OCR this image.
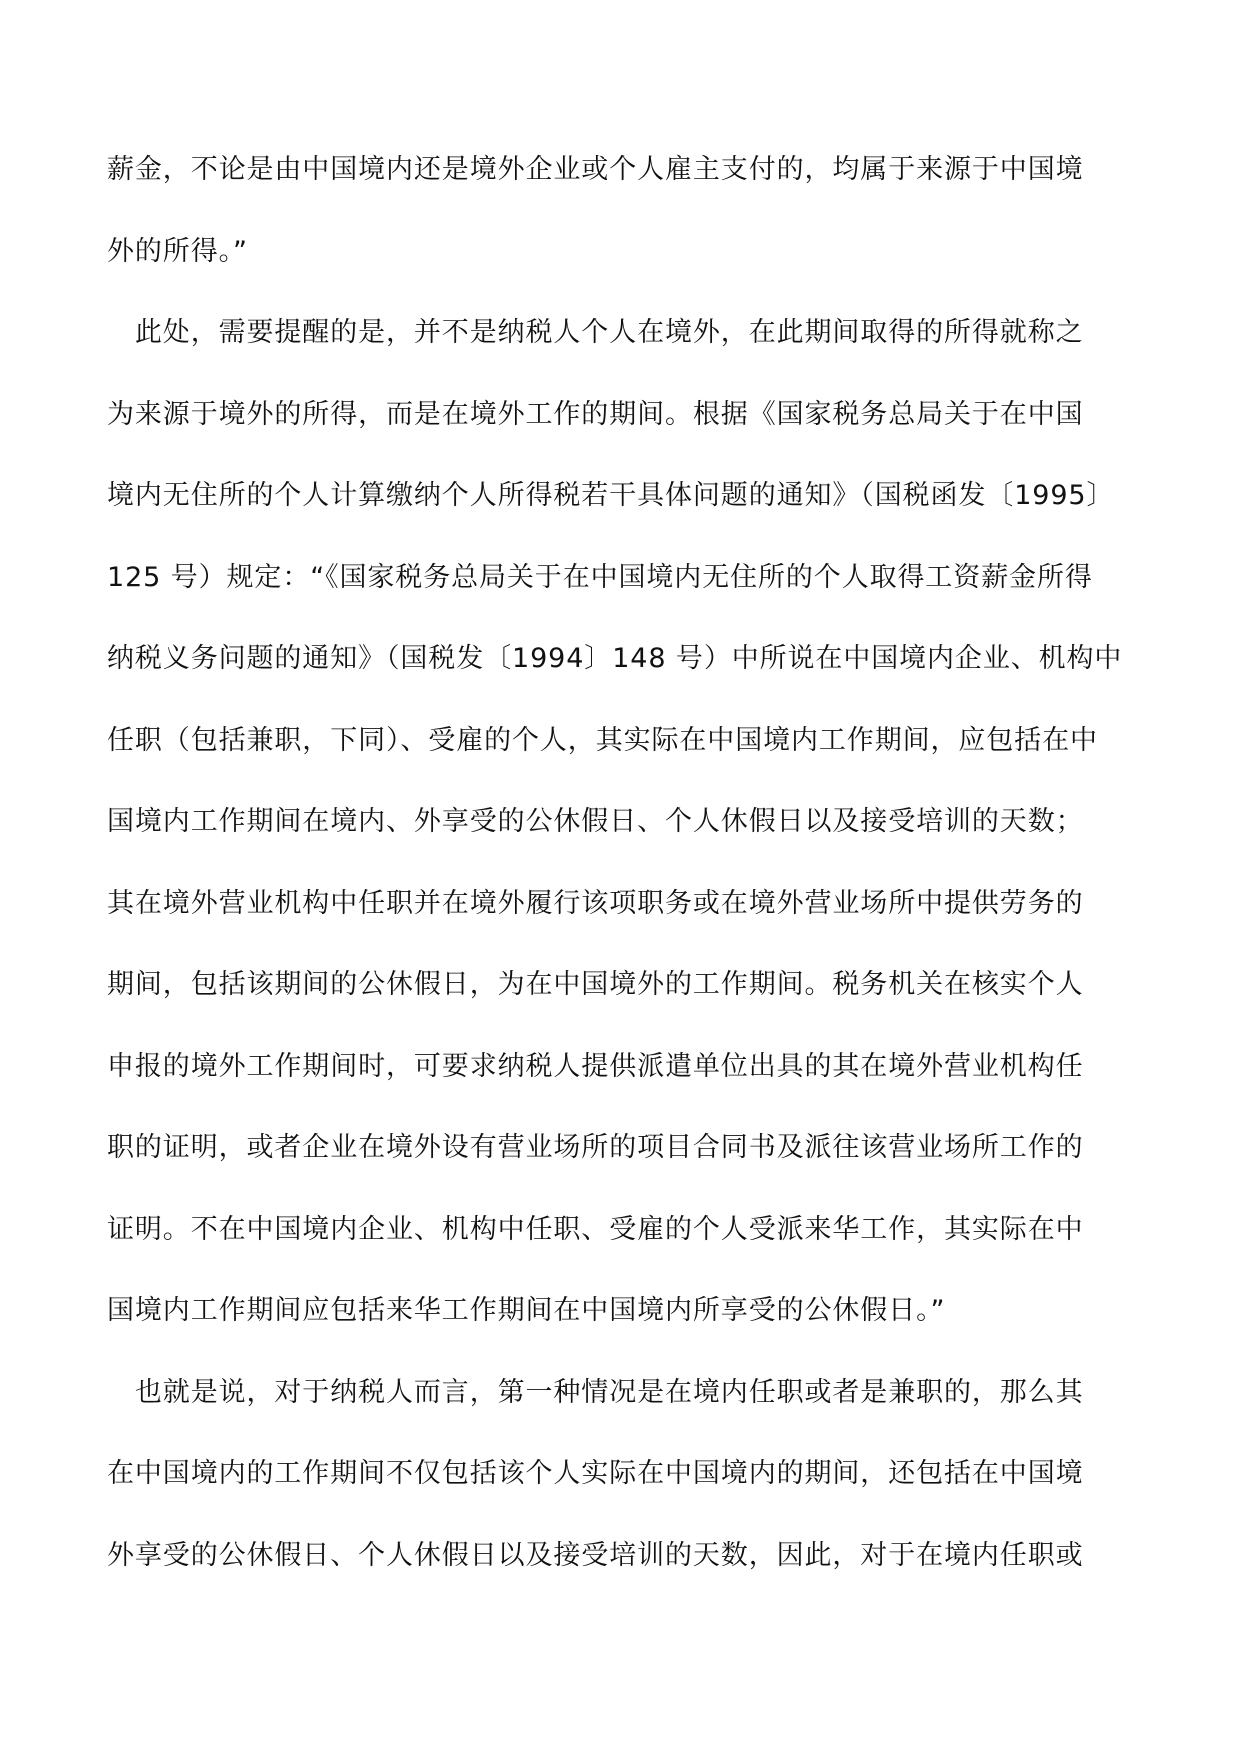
薪金，不论是由中国境内还是境外企业或个人雇主支付的，均属于来源于中国境
外的所得。”
　此处，需要提醒的是，并不是纳税人个人在境外，在此期间取得的所得就称之
为来源于境外的所得，而是在境外工作的期间。根据《国家税务总局关于在中国
境内无住所的个人计算缴纳个人所得税若干具体问题的通知》（国税函发〔1995〕
125 号）规定：“《国家税务总局关于在中国境内无住所的个人取得工资薪金所得
纳税义务问题的通知》（国税发〔1994〕148 号）中所说在中国境内企业、机构中
任职（包括兼职，下同）、受雇的个人，其实际在中国境内工作期间，应包括在中
国境内工作期间在境内、外享受的公休假日、个人休假日以及接受培训的天数；
其在境外营业机构中任职并在境外履行该项职务或在境外营业场所中提供劳务的
期间，包括该期间的公休假日，为在中国境外的工作期间。税务机关在核实个人
申报的境外工作期间时，可要求纳税人提供派遣单位出具的其在境外营业机构任
职的证明，或者企业在境外设有营业场所的项目合同书及派往该营业场所工作的
证明。不在中国境内企业、机构中任职、受雇的个人受派来华工作，其实际在中
国境内工作期间应包括来华工作期间在中国境内所享受的公休假日。”
　也就是说，对于纳税人而言，第一种情况是在境内任职或者是兼职的，那么其
在中国境内的工作期间不仅包括该个人实际在中国境内的期间，还包括在中国境
外享受的公休假日、个人休假日以及接受培训的天数，因此，对于在境内任职或
